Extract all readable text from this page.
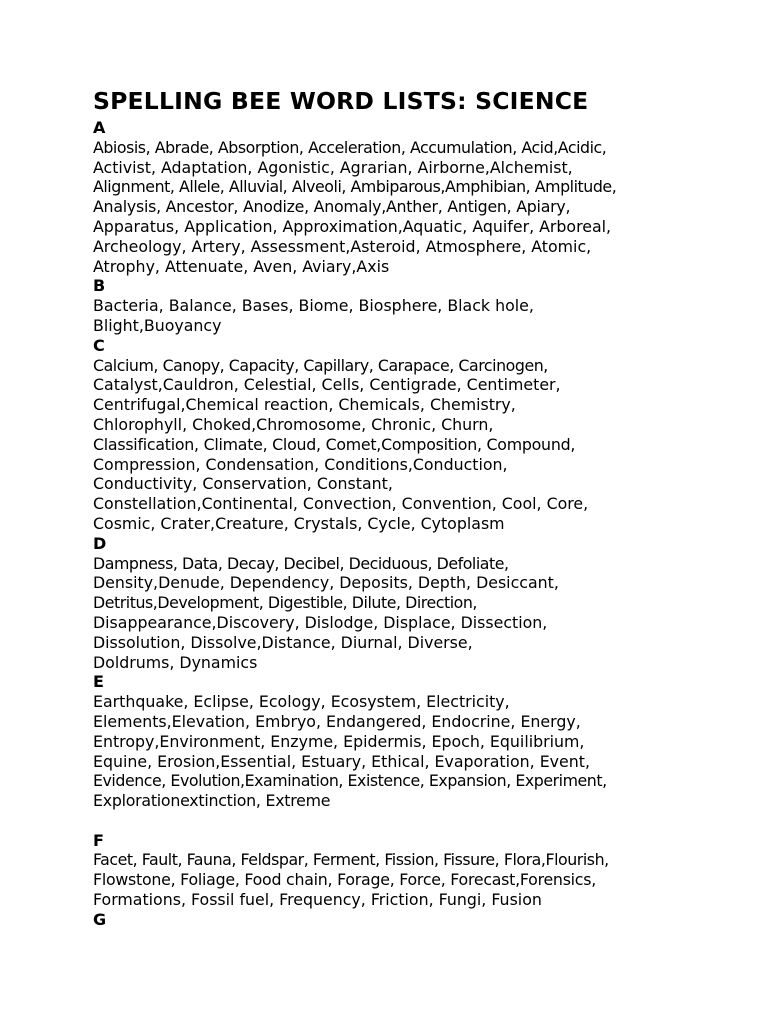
SPELLING BEE WORD LISTS: SCIENCE

A

Abiosis, Abrade, Absorption, Acceleration, Accumulation, Acid,Acidic,

Activist, Adaptation, Agonistic, Agrarian, Airborne,Alchemist,

Alignment, Allele, Alluvial, Alveoli, Ambiparous,Amphibian, Amplitude,

Analysis, Ancestor, Anodize, Anomaly,Anther, Antigen, Apiary,

Apparatus, Application, Approximation,Aquatic, Aquifer, Arboreal,

Archeology, Artery, Assessment,Asteroid, Atmosphere, Atomic,

Atrophy, Attenuate, Aven, Aviary,Axis

B

Bacteria, Balance, Bases, Biome, Biosphere, Black hole,

Blight,Buoyancy

C

Calcium, Canopy, Capacity, Capillary, Carapace, Carcinogen,

Catalyst,Cauldron, Celestial, Cells, Centigrade, Centimeter,

Centrifugal,Chemical reaction, Chemicals, Chemistry,

Chlorophyll, Choked,Chromosome, Chronic, Churn,

Classification, Climate, Cloud, Comet,Composition, Compound,

Compression, Condensation, Conditions,Conduction,

Conductivity, Conservation, Constant,

Constellation,Continental, Convection, Convention, Cool, Core,

Cosmic, Crater,Creature, Crystals, Cycle, Cytoplasm

D

Dampness, Data, Decay, Decibel, Deciduous, Defoliate,

Density,Denude, Dependency, Deposits, Depth, Desiccant,

Detritus,Development, Digestible, Dilute, Direction,

Disappearance,Discovery, Dislodge, Displace, Dissection,

Dissolution, Dissolve,Distance, Diurnal, Diverse,

Doldrums, Dynamics

E

Earthquake, Eclipse, Ecology, Ecosystem, Electricity,

Elements,Elevation, Embryo, Endangered, Endocrine, Energy,

Entropy,Environment, Enzyme, Epidermis, Epoch, Equilibrium,

Equine, Erosion,Essential, Estuary, Ethical, Evaporation, Event,

Evidence, Evolution,Examination, Existence, Expansion, Experiment,

Explorationextinction, Extreme

F

Facet, Fault, Fauna, Feldspar, Ferment, Fission, Fissure, Flora,Flourish,

Flowstone, Foliage, Food chain, Forage, Force, Forecast,Forensics,

Formations, Fossil fuel, Frequency, Friction, Fungi, Fusion

G
